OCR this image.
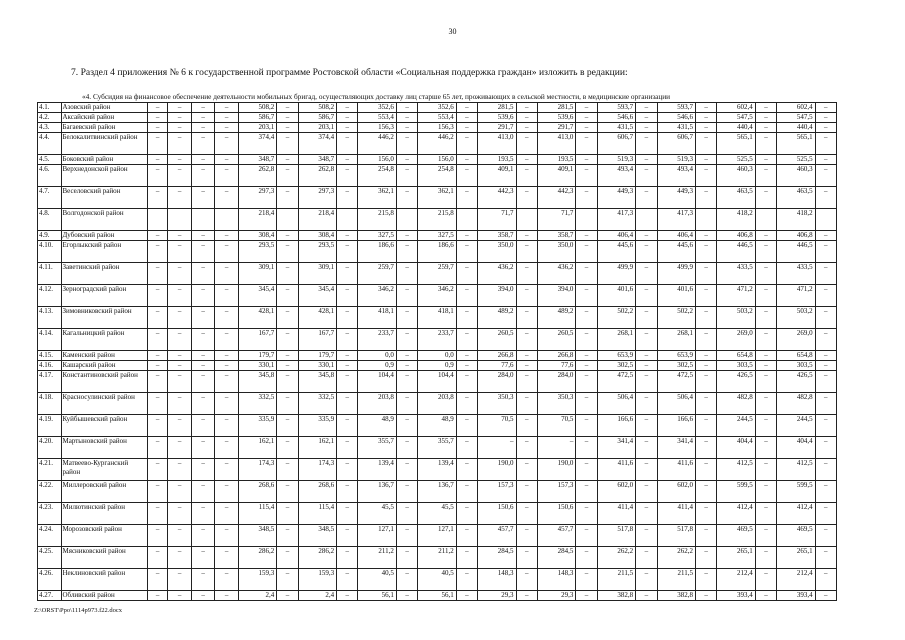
30
7. Раздел 4 приложения № 6 к государственной программе Ростовской области «Социальная поддержка граждан» изложить в редакции:
«4. Субсидия на финансовое обеспечение деятельности мобильных бригад, осуществляющих доставку лиц старше 65 лет, проживающих в сельской местности, в медицинские организации
4.1.	Азовский район	–	–	–	–	508,2	–	508,2	–	352,6	–	352,6	–	281,5	–	281,5	–	593,7	–	593,7	–	602,4	–	602,4	–
4.2.	Аксайский район	–	–	–	–	586,7	–	586,7	–	553,4	–	553,4	–	539,6	–	539,6	–	546,6	–	546,6	–	547,5	–	547,5	–
4.3.	Багаевский район	–	–	–	–	203,1	–	203,1	–	156,3	–	156,3	–	291,7	–	291,7	–	431,5	–	431,5	–	440,4	–	440,4	–
4.4.	Белокалитвинский район	–	–	–	–	374,4	–	374,4	–	446,2	–	446,2	–	413,0	–	413,0	–	606,7	–	606,7	–	565,1	–	565,1	–
4.5.	Боковский район	–	–	–	–	348,7	–	348,7	–	156,0	–	156,0	–	193,5	–	193,5	–	519,3	–	519,3	–	525,5	–	525,5	–
4.6.	Верхнедонской район	–	–	–	–	262,8	–	262,8	–	254,8	–	254,8	–	409,1	–	409,1	–	493,4	–	493,4	–	460,3	–	460,3	–
4.7.	Веселовский район	–	–	–	–	297,3	–	297,3	–	362,1	–	362,1	–	442,3	–	442,3	–	449,3	–	449,3	–	463,5	–	463,5	–
4.8.	Волгодонской район					218,4		218,4		215,8		215,8		71,7		71,7		417,3		417,3		418,2		418,2	
4.9.	Дубовский район	–	–	–	–	308,4	–	308,4	–	327,5	–	327,5	–	358,7	–	358,7	–	406,4	–	406,4	–	406,8	–	406,8	–
4.10.	Егорлыкский район	–	–	–	–	293,5	–	293,5	–	186,6	–	186,6	–	350,0	–	350,0	–	445,6	–	445,6	–	446,5	–	446,5	–
4.11.	Заветинский район	–	–	–	–	309,1	–	309,1	–	259,7	–	259,7	–	436,2	–	436,2	–	499,9	–	499,9	–	433,5	–	433,5	–
4.12.	Зерноградский район	–	–	–	–	345,4	–	345,4	–	346,2	–	346,2	–	394,0	–	394,0	–	401,6	–	401,6	–	471,2	–	471,2	–
4.13.	Зимовниковский район	–	–	–	–	428,1	–	428,1	–	418,1	–	418,1	–	489,2	–	489,2	–	502,2	–	502,2	–	503,2	–	503,2	–
4.14.	Кагальницкий район	–	–	–	–	167,7	–	167,7	–	233,7	–	233,7	–	260,5	–	260,5	–	268,1	–	268,1	–	269,0	–	269,0	–
4.15.	Каменский район	–	–	–	–	179,7	–	179,7	–	0,0	–	0,0	–	266,8	–	266,8	–	653,9	–	653,9	–	654,8	–	654,8	–
4.16.	Кашарский район	–	–	–	–	330,1	–	330,1	–	0,9	–	0,9	–	77,6	–	77,6	–	302,5	–	302,5	–	303,5	–	303,5	–
4.17.	Константиновский район	–	–	–	–	345,8	–	345,8	–	104,4	–	104,4	–	284,0	–	284,0	–	472,5	–	472,5	–	426,5	–	426,5	–
4.18.	Красносулинский район	–	–	–	–	332,5	–	332,5	–	203,8	–	203,8	–	350,3	–	350,3	–	506,4	–	506,4	–	482,8	–	482,8	–
4.19.	Куйбышевский район	–	–	–	–	335,9	–	335,9	–	48,9	–	48,9	–	70,5	–	70,5	–	166,6	–	166,6	–	244,5	–	244,5	–
4.20.	Мартыновский район	–	–	–	–	162,1	–	162,1	–	355,7	–	355,7	–	–	–	–	–	341,4	–	341,4	–	404,4	–	404,4	–
4.21.	Матвеево-Курганский район	–	–	–	–	174,3	–	174,3	–	139,4	–	139,4	–	190,0	–	190,0	–	411,6	–	411,6	–	412,5	–	412,5	–
4.22.	Миллеровский район	–	–	–	–	268,6	–	268,6	–	136,7	–	136,7	–	157,3	–	157,3	–	602,0	–	602,0	–	599,5	–	599,5	–
4.23.	Милютинский район	–	–	–	–	115,4	–	115,4	–	45,5	–	45,5	–	150,6	–	150,6	–	411,4	–	411,4	–	412,4	–	412,4	–
4.24.	Морозовский район	–	–	–	–	348,5	–	348,5	–	127,1	–	127,1	–	457,7	–	457,7	–	517,8	–	517,8	–	469,5	–	469,5	–
4.25.	Мясниковский район	–	–	–	–	286,2	–	286,2	–	211,2	–	211,2	–	284,5	–	284,5	–	262,2	–	262,2	–	265,1	–	265,1	–
4.26.	Неклиновский район	–	–	–	–	159,3	–	159,3	–	40,5	–	40,5	–	148,3	–	148,3	–	211,5	–	211,5	–	212,4	–	212,4	–
4.27.	Обливский район	–	–	–	–	2,4	–	2,4	–	56,1	–	56,1	–	29,3	–	29,3	–	382,8	–	382,8	–	393,4	–	393,4	–
Z:\ORST\Ppo\1114p973.f22.docx
